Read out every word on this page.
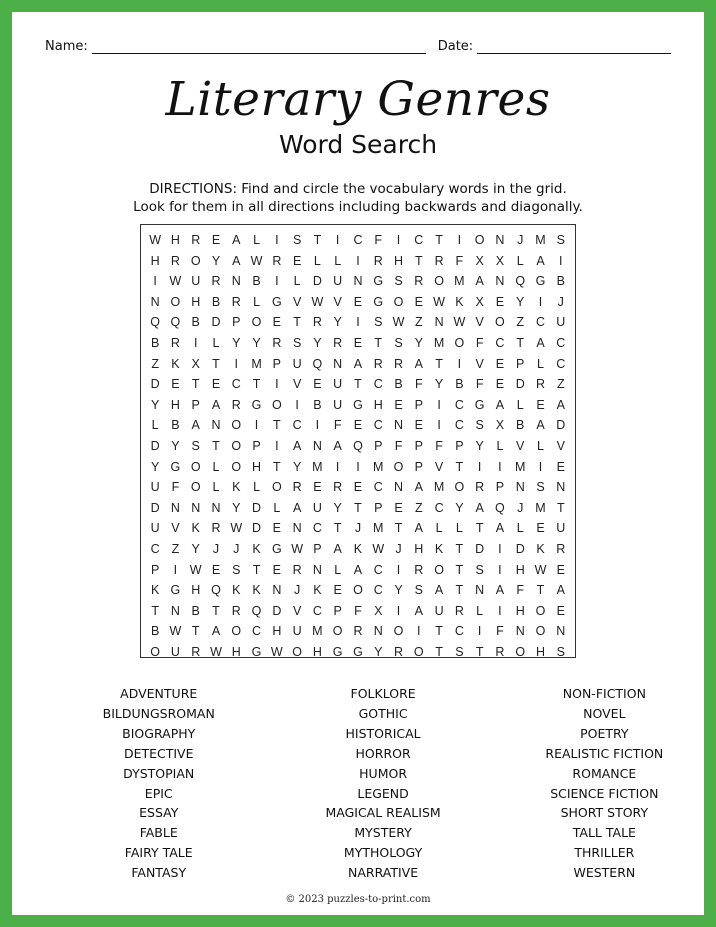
Name:	Date:
Literary Genres
Word Search
DIRECTIONS: Find and circle the vocabulary words in the grid.
Look for them in all directions including backwards and diagonally.
W H R E A	L	I	S T	I	C F	I	C T	I	O N	J M S
H R O Y A W R E	L	L	I	R H T R F X X	L	A	I
I	W U R N B	I	L D U N G S R O M A N Q G B
N O H B R L G V W V E G O E W K X E Y	I	J
Q Q B D P O E T R Y	I	S W Z N W V O Z C U
B R	I	L	Y Y R S Y R E T S Y M O F C T A C
Z K X T	I	M P U Q N A R R A T	I	V E P	L C
D E T E C T	I	V E U T C B F Y B F E D R Z
Y H P A R G O	I	B U G H E P	I	C G A	L	E A
L	B A N O	I	T C	I	F E C N E	I	C S X B A D
D Y S T O P	I	A N A Q P F P F P Y	L	V	L	V
Y G O L O H T Y M	I	I	M O P V T	I	I	M	I	E
U F O L	K	L O R E R E C N A M O R P N S N
D N N N Y D L	A U Y T P E Z C Y A Q J M T
U V K R W D E N C T	J M T A	L	L	T A	L	E U
C Z Y	J	J	K G W P A K W J	H K T D	I	D K R
P	I	W E S T E R N L	A C	I	R O T S	I	H W E
K G H Q K K N	J	K E O C Y S A T N A F	T A
T N B T R Q D V C P F X	I	A U R L	I	H O E
B W T A O C H U M O R N O	I	T C	I	F N O N
O U R W H G W O H G G Y R O T S T R O H S
ADVENTURE
BILDUNGSROMAN
BIOGRAPHY
DETECTIVE
DYSTOPIAN
EPIC
ESSAY
FABLE
FAIRY TALE
FANTASY
FOLKLORE
GOTHIC
HISTORICAL
HORROR
HUMOR
LEGEND
MAGICAL REALISM
MYSTERY
MYTHOLOGY
NARRATIVE
NON-FICTION
NOVEL
POETRY
REALISTIC FICTION
ROMANCE
SCIENCE FICTION
SHORT STORY
TALL TALE
THRILLER
WESTERN
© 2023 puzzles-to-print.com
